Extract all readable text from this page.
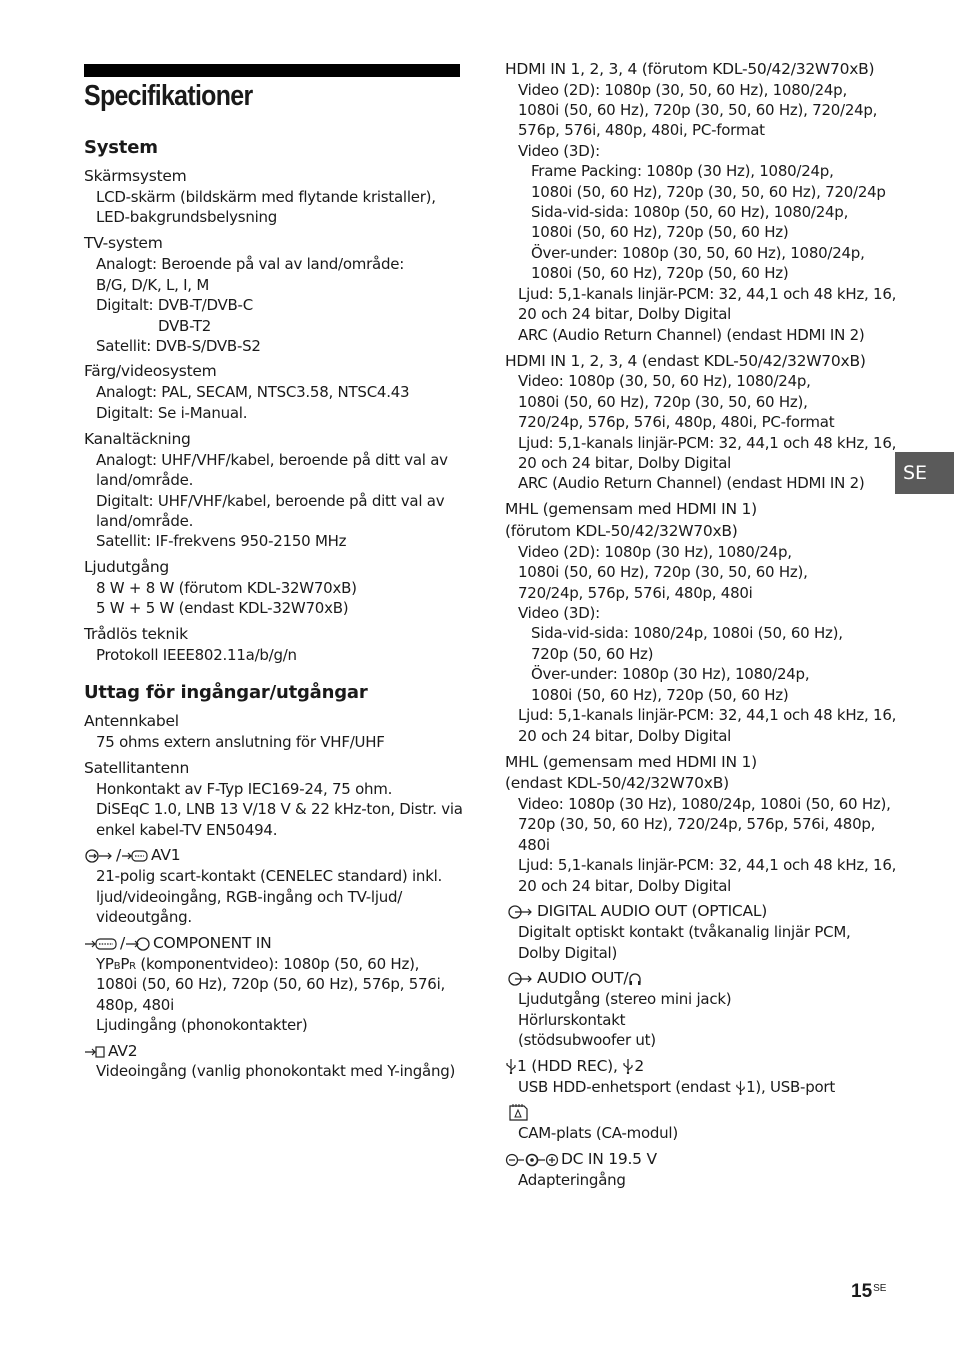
Specifikationer
System
Skärmsystem
LCD-skärm (bildskärm med flytande kristaller),
LED-bakgrundsbelysning
TV-system
Analogt: Beroende på val av land/område:
B/G, D/K, L, I, M
Digitalt: DVB-T/DVB-C
DVB-T2
Satellit: DVB-S/DVB-S2
Färg/videosystem
Analogt: PAL, SECAM, NTSC3.58, NTSC4.43
Digitalt: Se i-Manual.
Kanaltäckning
Analogt: UHF/VHF/kabel, beroende på ditt val av
land/område.
Digitalt: UHF/VHF/kabel, beroende på ditt val av
land/område.
Satellit: IF-frekvens 950-2150 MHz
Ljudutgång
8 W + 8 W (förutom KDL-32W70xB)
5 W + 5 W (endast KDL-32W70xB)
Trådlös teknik
Protokoll IEEE802.11a/b/g/n
Uttag för ingångar/utgångar
Antennkabel
75 ohms extern anslutning för VHF/UHF
Satellitantenn
Honkontakt av F-Typ IEC169-24, 75 ohm.
DiSEqC 1.0, LNB 13 V/18 V & 22 kHz-ton, Distr. via
enkel kabel-TV EN50494.
/ AV1
21-polig scart-kontakt (CENELEC standard) inkl.
ljud/videoingång, RGB-ingång och TV-ljud/
videoutgång.
/ COMPONENT IN
YPBPR (komponentvideo): 1080p (50, 60 Hz),
1080i (50, 60 Hz), 720p (50, 60 Hz), 576p, 576i,
480p, 480i
Ljudingång (phonokontakter)
AV2
Videoingång (vanlig phonokontakt med Y-ingång)
HDMI IN 1, 2, 3, 4 (förutom KDL-50/42/32W70xB)
Video (2D): 1080p (30, 50, 60 Hz), 1080/24p,
1080i (50, 60 Hz), 720p (30, 50, 60 Hz), 720/24p,
576p, 576i, 480p, 480i, PC-format
Video (3D):
Frame Packing: 1080p (30 Hz), 1080/24p,
1080i (50, 60 Hz), 720p (30, 50, 60 Hz), 720/24p
Sida-vid-sida: 1080p (50, 60 Hz), 1080/24p,
1080i (50, 60 Hz), 720p (50, 60 Hz)
Över-under: 1080p (30, 50, 60 Hz), 1080/24p,
1080i (50, 60 Hz), 720p (50, 60 Hz)
Ljud: 5,1-kanals linjär-PCM: 32, 44,1 och 48 kHz, 16,
20 och 24 bitar, Dolby Digital
ARC (Audio Return Channel) (endast HDMI IN 2)
HDMI IN 1, 2, 3, 4 (endast KDL-50/42/32W70xB)
Video: 1080p (30, 50, 60 Hz), 1080/24p,
1080i (50, 60 Hz), 720p (30, 50, 60 Hz),
720/24p, 576p, 576i, 480p, 480i, PC-format
Ljud: 5,1-kanals linjär-PCM: 32, 44,1 och 48 kHz, 16,
20 och 24 bitar, Dolby Digital
ARC (Audio Return Channel) (endast HDMI IN 2)
MHL (gemensam med HDMI IN 1)
(förutom KDL-50/42/32W70xB)
Video (2D): 1080p (30 Hz), 1080/24p,
1080i (50, 60 Hz), 720p (30, 50, 60 Hz),
720/24p, 576p, 576i, 480p, 480i
Video (3D):
Sida-vid-sida: 1080/24p, 1080i (50, 60 Hz),
720p (50, 60 Hz)
Över-under: 1080p (30 Hz), 1080/24p,
1080i (50, 60 Hz), 720p (50, 60 Hz)
Ljud: 5,1-kanals linjär-PCM: 32, 44,1 och 48 kHz, 16,
20 och 24 bitar, Dolby Digital
MHL (gemensam med HDMI IN 1)
(endast KDL-50/42/32W70xB)
Video: 1080p (30 Hz), 1080/24p, 1080i (50, 60 Hz),
720p (30, 50, 60 Hz), 720/24p, 576p, 576i, 480p,
480i
Ljud: 5,1-kanals linjär-PCM: 32, 44,1 och 48 kHz, 16,
20 och 24 bitar, Dolby Digital
DIGITAL AUDIO OUT (OPTICAL)
Digitalt optiskt kontakt (tvåkanalig linjär PCM,
Dolby Digital)
AUDIO OUT/
Ljudutgång (stereo mini jack)
Hörlurskontakt
(stödsubwoofer ut)
1 (HDD REC), 2
USB HDD-enhetsport (endast 1), USB-port
CAM-plats (CA-modul)
DC IN 19.5 V
Adapteringång
SE
$15^{SE}$
